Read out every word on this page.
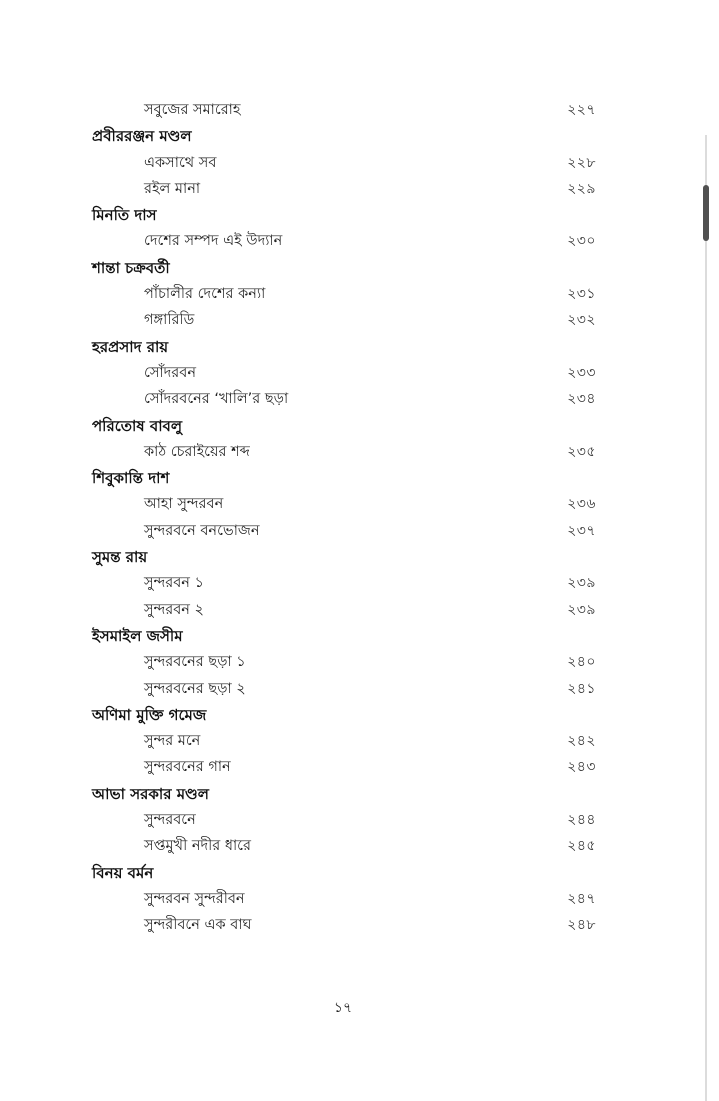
সবুজের সমারোহ	২২৭
প্রবীররঞ্জন মণ্ডল
একসাথে সব	২২৮
রইল মানা	২২৯
মিনতি দাস
দেশের সম্পদ এই উদ্যান	২৩০
শান্তা চক্রবর্তী
পাঁচালীর দেশের কন্যা	২৩১
গঙ্গারিডি	২৩২
হরপ্রসাদ রায়
সোঁদরবন	২৩৩
সোঁদরবনের ‘খালি’র ছড়া	২৩৪
পরিতোষ বাবলু
কাঠ চেরাইয়ের শব্দ	২৩৫
শিবুকান্তি দাশ
আহা সুন্দরবন	২৩৬
সুন্দরবনে বনভোজন	২৩৭
সুমন্ত রায়
সুন্দরবন ১	২৩৯
সুন্দরবন ২	২৩৯
ইসমাইল জসীম
সুন্দরবনের ছড়া ১	২৪০
সুন্দরবনের ছড়া ২	২৪১
অণিমা মুক্তি গমেজ
সুন্দর মনে	২৪২
সুন্দরবনের গান	২৪৩
আভা সরকার মণ্ডল
সুন্দরবনে	২৪৪
সপ্তমুখী নদীর ধারে	২৪৫
বিনয় বর্মন
সুন্দরবন সুন্দরীবন	২৪৭
সুন্দরীবনে এক বাঘ	২৪৮
১৭
